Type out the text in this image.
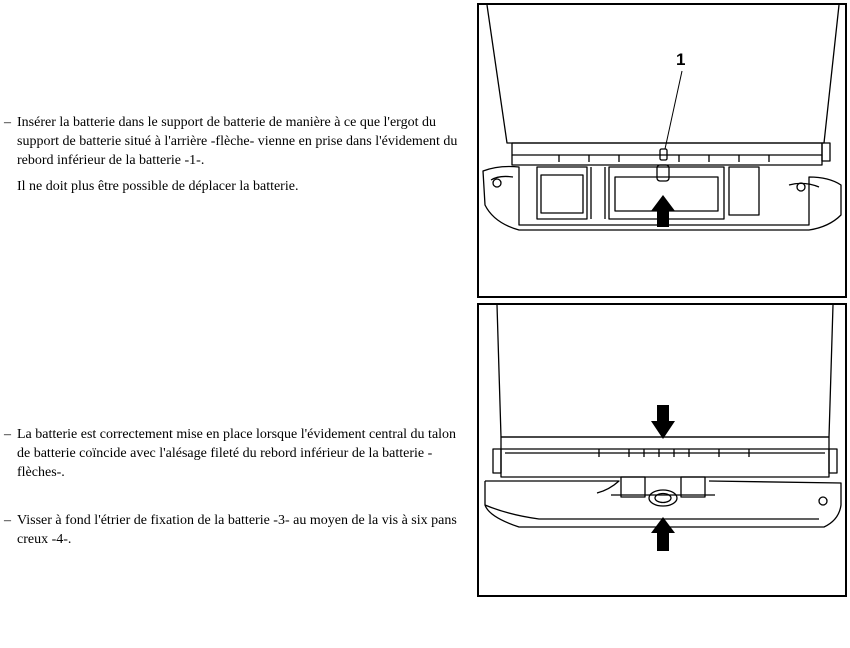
– Insérer la batterie dans le support de batterie de manière à ce que l'ergot du support de batterie situé à l'arrière -flèche- vienne en prise dans l'évidement du rebord inférieur de la batterie -1-.
Il ne doit plus être possible de déplacer la batterie.
– La batterie est correctement mise en place lorsque l'évidement central du talon de batterie coïncide avec l'alésage fileté du rebord inférieur de la batterie -flèches-.
– Visser à fond l'étrier de fixation de la batterie -3- au moyen de la vis à six pans creux -4-.
1
